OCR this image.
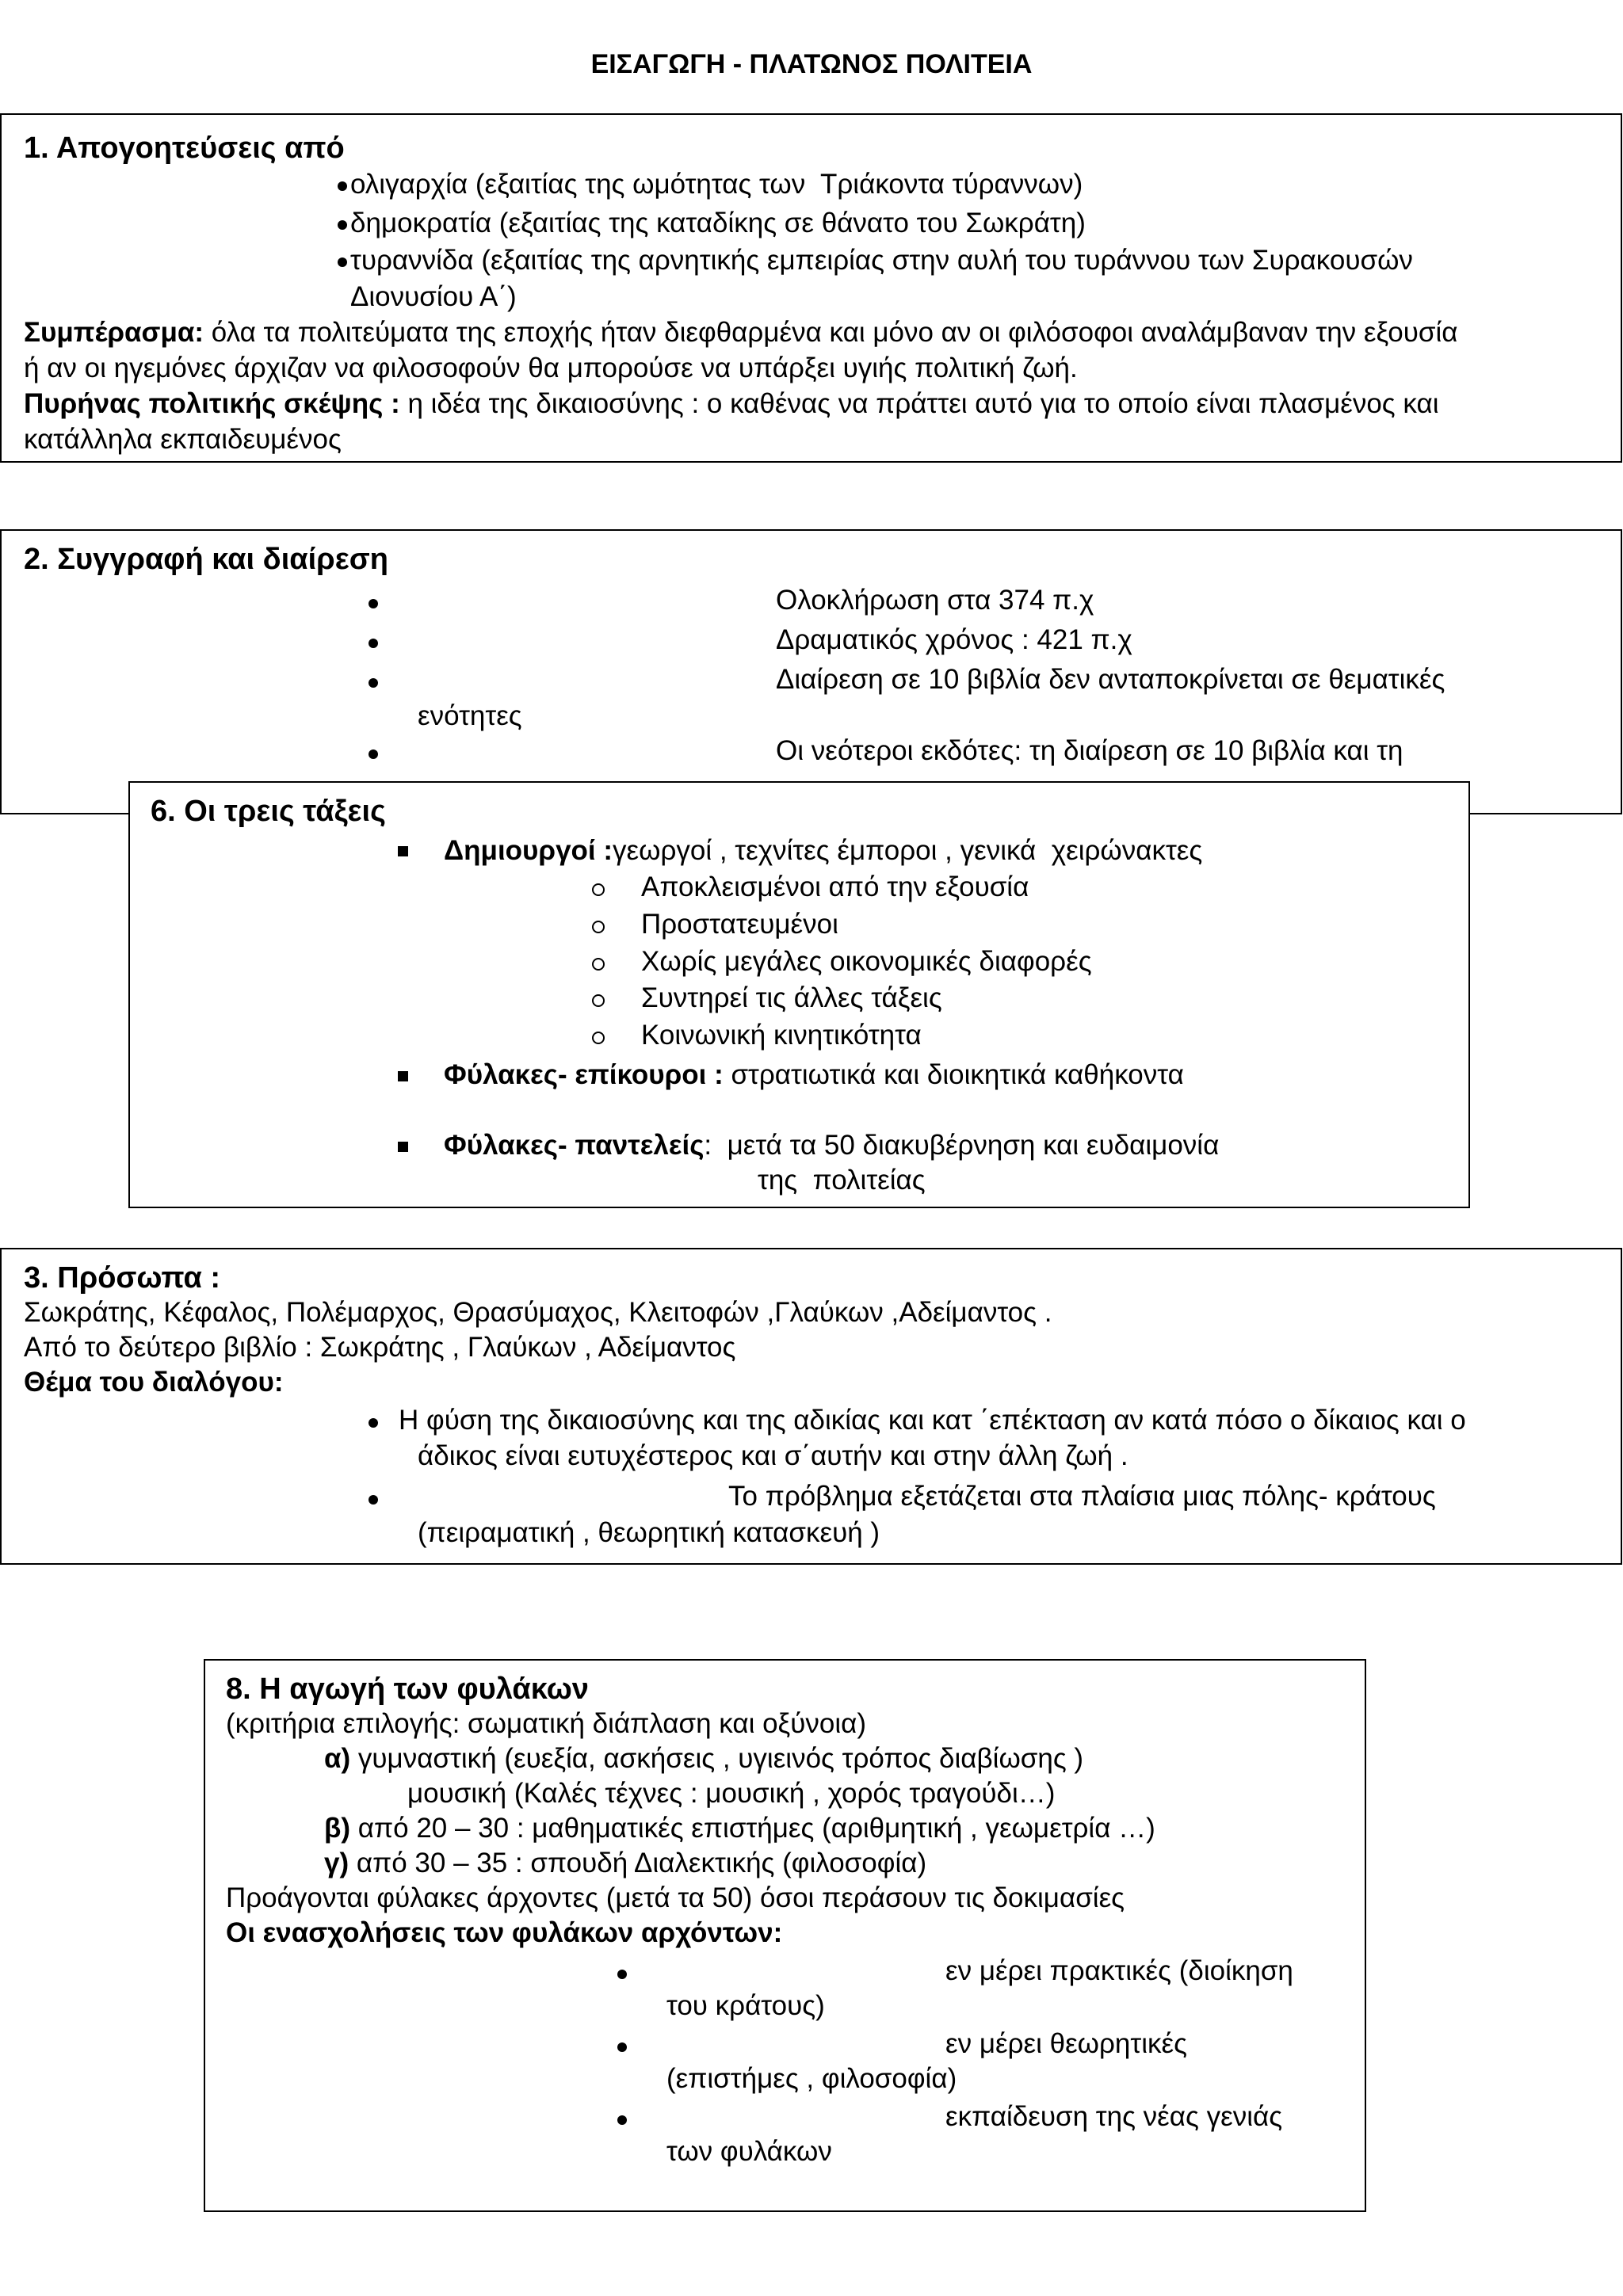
ΕΙΣΑΓΩΓΗ - ΠΛΑΤΩΝΟΣ ΠΟΛΙΤΕΙΑ
1. Απογοητεύσεις από
ολιγαρχία (εξαιτίας της ωμότητας των  Τριάκοντα τύραννων)
δημοκρατία (εξαιτίας της καταδίκης σε θάνατο του Σωκράτη)
τυραννίδα (εξαιτίας της αρνητικής εμπειρίας στην αυλή του τυράννου των Συρακουσών
Διονυσίου Α΄)
Συμπέρασμα: όλα τα πολιτεύματα της εποχής ήταν διεφθαρμένα και μόνο αν οι φιλόσοφοι αναλάμβαναν την εξουσία
ή αν οι ηγεμόνες άρχιζαν να φιλοσοφούν θα μπορούσε να υπάρξει υγιής πολιτική ζωή.
Πυρήνας πολιτικής σκέψης : η ιδέα της δικαιοσύνης : ο καθένας να πράττει αυτό για το οποίο είναι πλασμένος και
κατάλληλα εκπαιδευμένος
2. Συγγραφή και διαίρεση
Ολοκλήρωση στα 374 π.χ
Δραματικός χρόνος : 421 π.χ
Διαίρεση σε 10 βιβλία δεν ανταποκρίνεται σε θεματικές
ενότητες
Οι νεότεροι εκδότες: τη διαίρεση σε 10 βιβλία και τη
6. Οι τρεις τάξεις
Δημιουργοί :γεωργοί , τεχνίτες έμποροι , γενικά  χειρώνακτες
Αποκλεισμένοι από την εξουσία
Προστατευμένοι
Χωρίς μεγάλες οικονομικές διαφορές
Συντηρεί τις άλλες τάξεις
Κοινωνική κινητικότητα
Φύλακες- επίκουροι : στρατιωτικά και διοικητικά καθήκοντα
Φύλακες- παντελείς:  μετά τα 50 διακυβέρνηση και ευδαιμονία
της  πολιτείας
3. Πρόσωπα :
Σωκράτης, Κέφαλος, Πολέμαρχος, Θρασύμαχος, Κλειτοφών ,Γλαύκων ,Αδείμαντος .
Από το δεύτερο βιβλίο : Σωκράτης , Γλαύκων , Αδείμαντος
Θέμα του διαλόγου:
Η φύση της δικαιοσύνης και της αδικίας και κατ ΄επέκταση αν κατά πόσο ο δίκαιος και ο
άδικος είναι ευτυχέστερος και σ΄αυτήν και στην άλλη ζωή .
Το πρόβλημα εξετάζεται στα πλαίσια μιας πόλης- κράτους
(πειραματική , θεωρητική κατασκευή )
8. Η αγωγή των φυλάκων
(κριτήρια επιλογής: σωματική διάπλαση και οξύνοια)
α) γυμναστική (ευεξία, ασκήσεις , υγιεινός τρόπος διαβίωσης )
μουσική (Καλές τέχνες : μουσική , χορός τραγούδι…)
β) από 20 – 30 : μαθηματικές επιστήμες (αριθμητική , γεωμετρία …)
γ) από 30 – 35 : σπουδή Διαλεκτικής (φιλοσοφία)
Προάγονται φύλακες άρχοντες (μετά τα 50) όσοι περάσουν τις δοκιμασίες
Οι ενασχολήσεις των φυλάκων αρχόντων:
εν μέρει πρακτικές (διοίκηση
του κράτους)
εν μέρει θεωρητικές
(επιστήμες , φιλοσοφία)
εκπαίδευση της νέας γενιάς
των φυλάκων
